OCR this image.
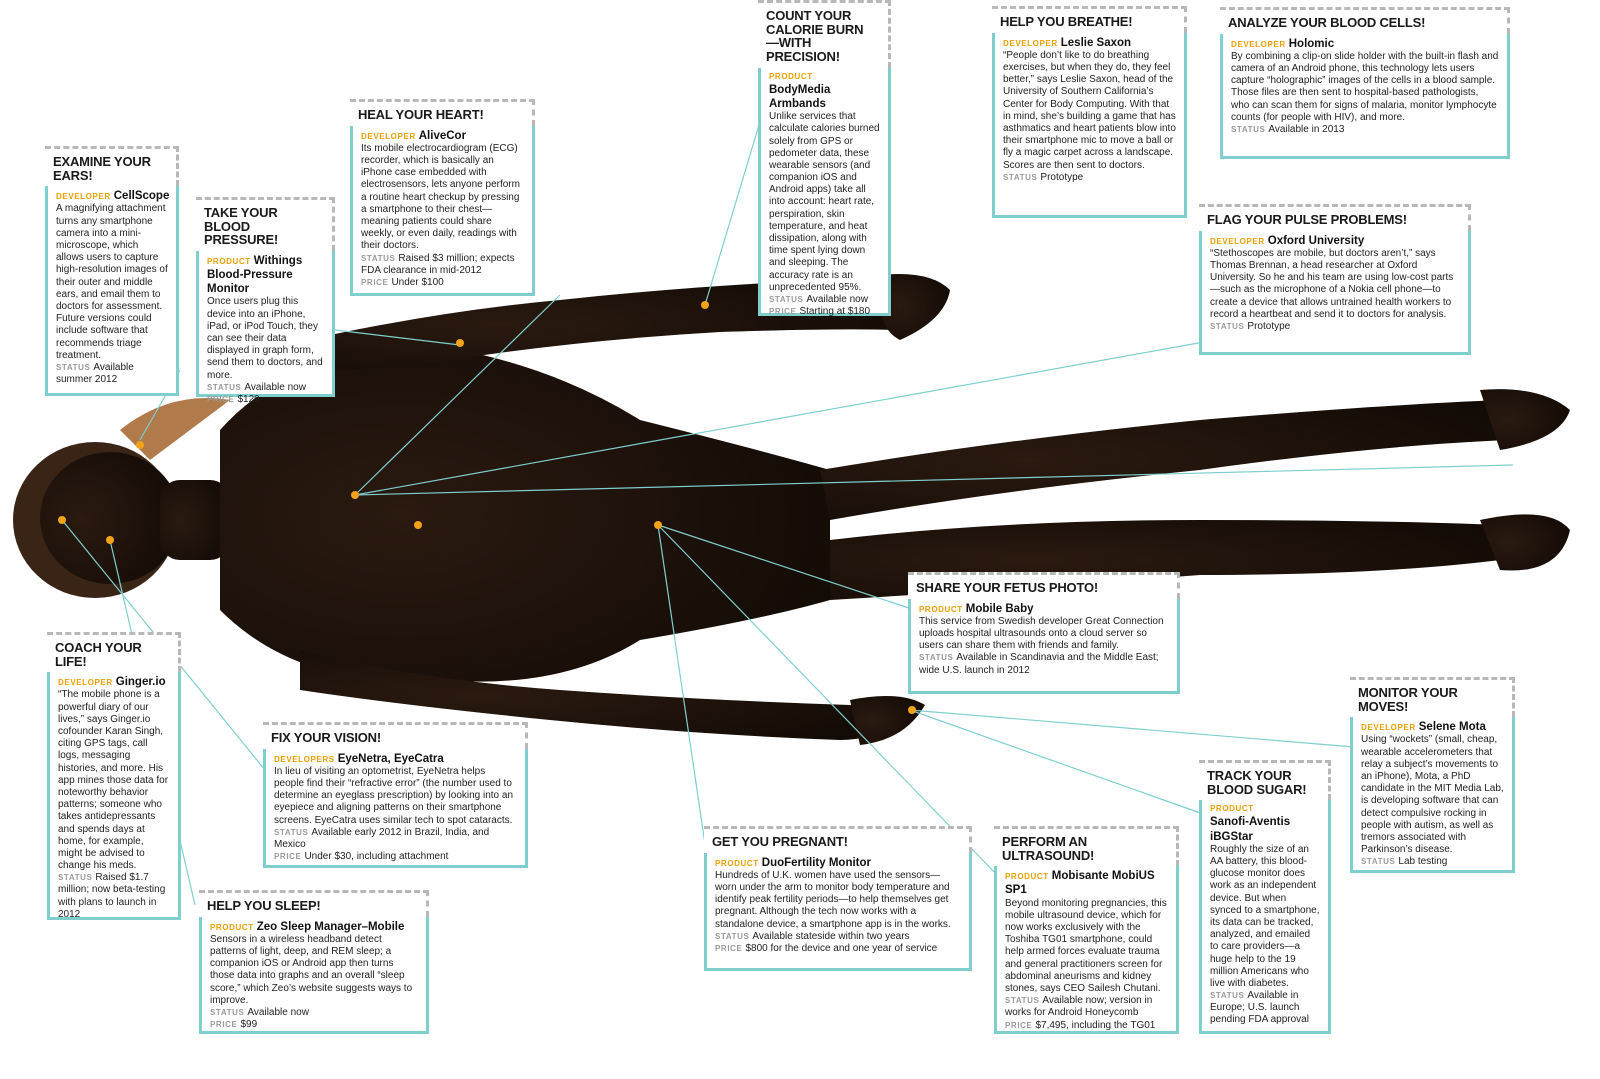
EXAMINE YOUR EARS!
DEVELOPER CellScope

A magnifying attachment turns any smartphone camera into a mini-microscope, which allows users to capture high-resolution images of their outer and middle ears, and email them to doctors for assessment. Future versions could include software that recommends triage treatment.

STATUS Available summer 2012
TAKE YOUR BLOOD PRESSURE!
PRODUCT Withings Blood-Pressure Monitor

Once users plug this device into an iPhone, iPad, or iPod Touch, they can see their data displayed in graph form, send them to doctors, and more.

STATUS Available now
PRICE $129
HEAL YOUR HEART!
DEVELOPER AliveCor

Its mobile electrocardiogram (ECG) recorder, which is basically an iPhone case embedded with electrosensors, lets anyone perform a routine heart checkup by pressing a smartphone to their chest—meaning patients could share weekly, or even daily, readings with their doctors.

STATUS Raised $3 million; expects FDA clearance in mid-2012
PRICE Under $100
COUNT YOUR CALORIE BURN—WITH PRECISION!
PRODUCT
BodyMedia Armbands

Unlike services that calculate calories burned solely from GPS or pedometer data, these wearable sensors (and companion iOS and Android apps) take all into account: heart rate, perspiration, skin temperature, and heat dissipation, along with time spent lying down and sleeping. The accuracy rate is an unprecedented 95%.

STATUS Available now
PRICE Starting at $180
HELP YOU BREATHE!
DEVELOPER Leslie Saxon

“People don’t like to do breathing exercises, but when they do, they feel better,” says Leslie Saxon, head of the University of Southern California’s Center for Body Computing. With that in mind, she’s building a game that has asthmatics and heart patients blow into their smartphone mic to move a ball or fly a magic carpet across a landscape. Scores are then sent to doctors.

STATUS Prototype
ANALYZE YOUR BLOOD CELLS!
DEVELOPER Holomic

By combining a clip-on slide holder with the built-in flash and camera of an Android phone, this technology lets users capture “holographic” images of the cells in a blood sample. Those files are then sent to hospital-based pathologists, who can scan them for signs of malaria, monitor lymphocyte counts (for people with HIV), and more.

STATUS Available in 2013
FLAG YOUR PULSE PROBLEMS!
DEVELOPER Oxford University

“Stethoscopes are mobile, but doctors aren’t,” says Thomas Brennan, a head researcher at Oxford University. So he and his team are using low-cost parts—such as the microphone of a Nokia cell phone—to create a device that allows untrained health workers to record a heartbeat and send it to doctors for analysis.

STATUS Prototype
SHARE YOUR FETUS PHOTO!
PRODUCT Mobile Baby

This service from Swedish developer Great Connection uploads hospital ultrasounds onto a cloud server so users can share them with friends and family.

STATUS Available in Scandinavia and the Middle East; wide U.S. launch in 2012
MONITOR YOUR MOVES!
DEVELOPER Selene Mota

Using “wockets” (small, cheap, wearable accelerometers that relay a subject’s movements to an iPhone), Mota, a PhD candidate in the MIT Media Lab, is developing software that can detect compulsive rocking in people with autism, as well as tremors associated with Parkinson’s disease.

STATUS Lab testing
COACH YOUR LIFE!
DEVELOPER Ginger.io

“The mobile phone is a powerful diary of our lives,” says Ginger.io cofounder Karan Singh, citing GPS tags, call logs, messaging histories, and more. His app mines those data for noteworthy behavior patterns; someone who takes antidepressants and spends days at home, for example, might be advised to change his meds.

STATUS Raised $1.7 million; now beta-testing with plans to launch in 2012
FIX YOUR VISION!
DEVELOPERS EyeNetra, EyeCatra

In lieu of visiting an optometrist, EyeNetra helps people find their “refractive error” (the number used to determine an eyeglass prescription) by looking into an eyepiece and aligning patterns on their smartphone screens. EyeCatra uses similar tech to spot cataracts.

STATUS Available early 2012 in Brazil, India, and Mexico
PRICE Under $30, including attachment
HELP YOU SLEEP!
PRODUCT Zeo Sleep Manager–Mobile

Sensors in a wireless headband detect patterns of light, deep, and REM sleep; a companion iOS or Android app then turns those data into graphs and an overall “sleep score,” which Zeo’s website suggests ways to improve.

STATUS Available now
PRICE $99
GET YOU PREGNANT!
PRODUCT DuoFertility Monitor

Hundreds of U.K. women have used the sensors—worn under the arm to monitor body temperature and identify peak fertility periods—to help themselves get pregnant. Although the tech now works with a standalone device, a smartphone app is in the works.

STATUS Available stateside within two years
PRICE $800 for the device and one year of service
PERFORM AN ULTRASOUND!
PRODUCT Mobisante MobiUS SP1

Beyond monitoring pregnancies, this mobile ultrasound device, which for now works exclusively with the Toshiba TG01 smartphone, could help armed forces evaluate trauma and general practitioners screen for abdominal aneurisms and kidney stones, says CEO Sailesh Chutani.

STATUS Available now; version in works for Android Honeycomb
PRICE $7,495, including the TG01
TRACK YOUR BLOOD SUGAR!
PRODUCT
Sanofi-Aventis iBGStar

Roughly the size of an AA battery, this blood-glucose monitor does work as an independent device. But when synced to a smartphone, its data can be tracked, analyzed, and emailed to care providers—a huge help to the 19 million Americans who live with diabetes.

STATUS Available in Europe; U.S. launch pending FDA approval
